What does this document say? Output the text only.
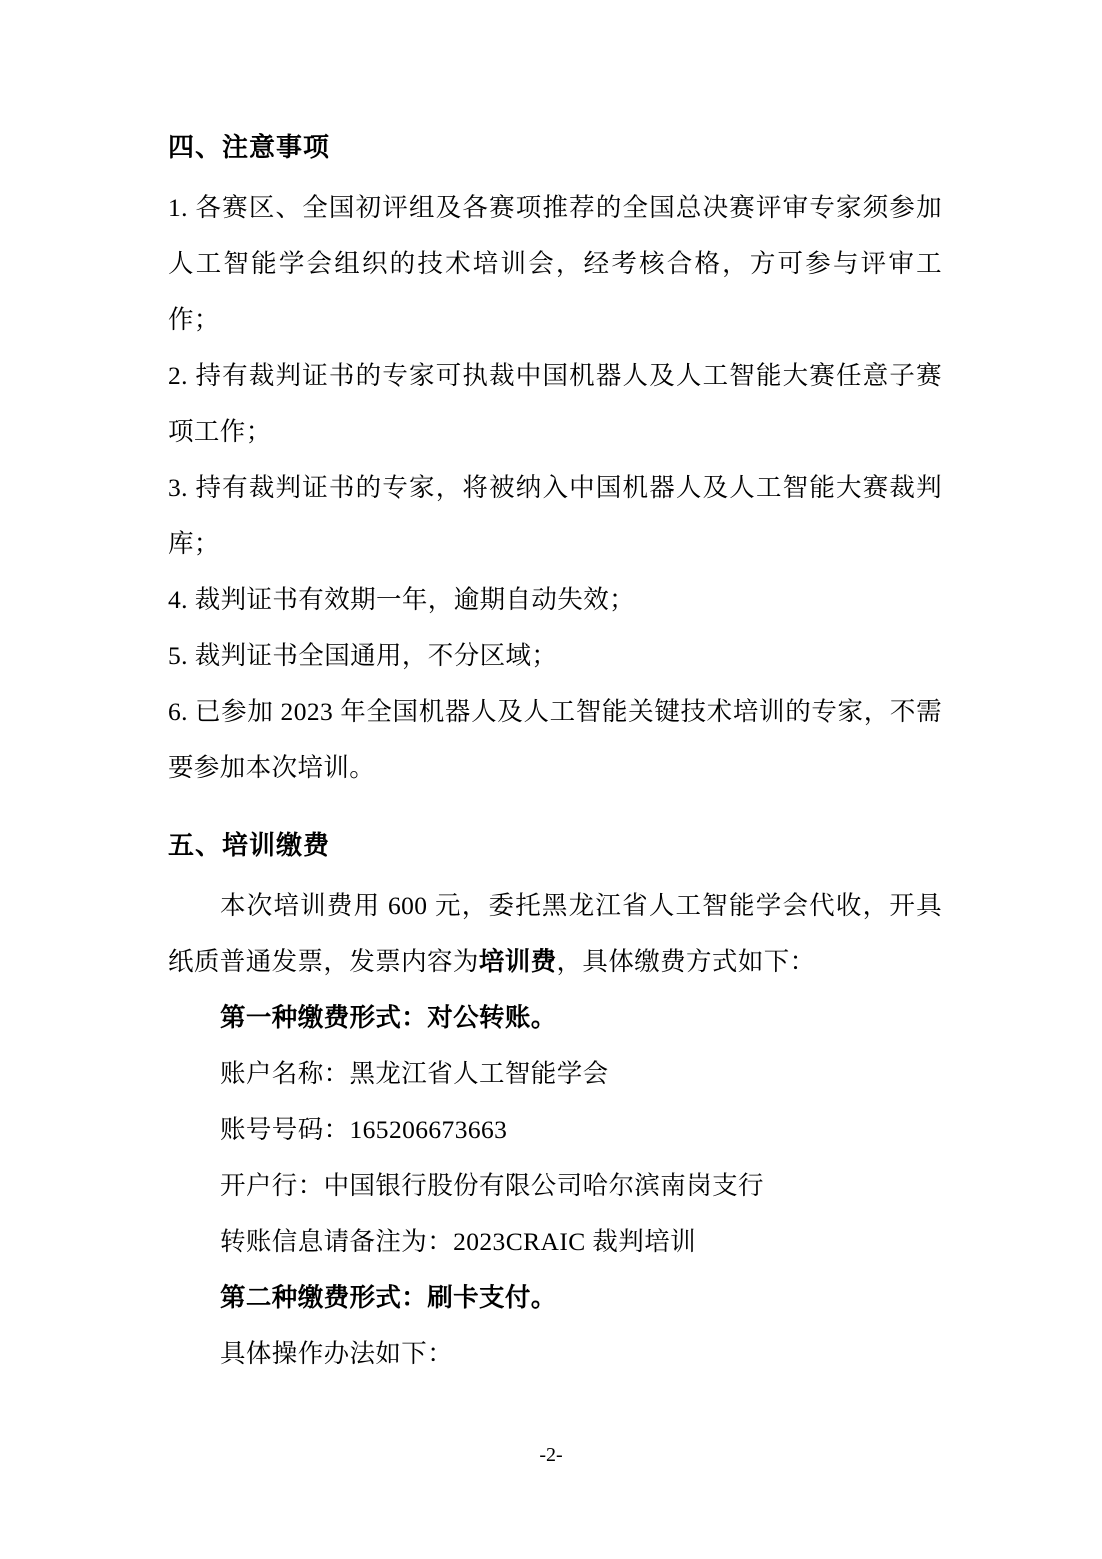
四、注意事项

1. 各赛区、全国初评组及各赛项推荐的全国总决赛评审专家须参加人工智能学会组织的技术培训会，经考核合格，方可参与评审工作；

2. 持有裁判证书的专家可执裁中国机器人及人工智能大赛任意子赛项工作；

3. 持有裁判证书的专家，将被纳入中国机器人及人工智能大赛裁判库；

4. 裁判证书有效期一年，逾期自动失效；

5. 裁判证书全国通用，不分区域；

6. 已参加 2023 年全国机器人及人工智能关键技术培训的专家，不需要参加本次培训。

五、培训缴费

本次培训费用 600 元，委托黑龙江省人工智能学会代收，开具纸质普通发票，发票内容为培训费，具体缴费方式如下：

第一种缴费形式：对公转账。

账户名称：黑龙江省人工智能学会

账号号码：165206673663

开户行：中国银行股份有限公司哈尔滨南岗支行

转账信息请备注为：2023CRAIC 裁判培训

第二种缴费形式：刷卡支付。

具体操作办法如下：

-2-
